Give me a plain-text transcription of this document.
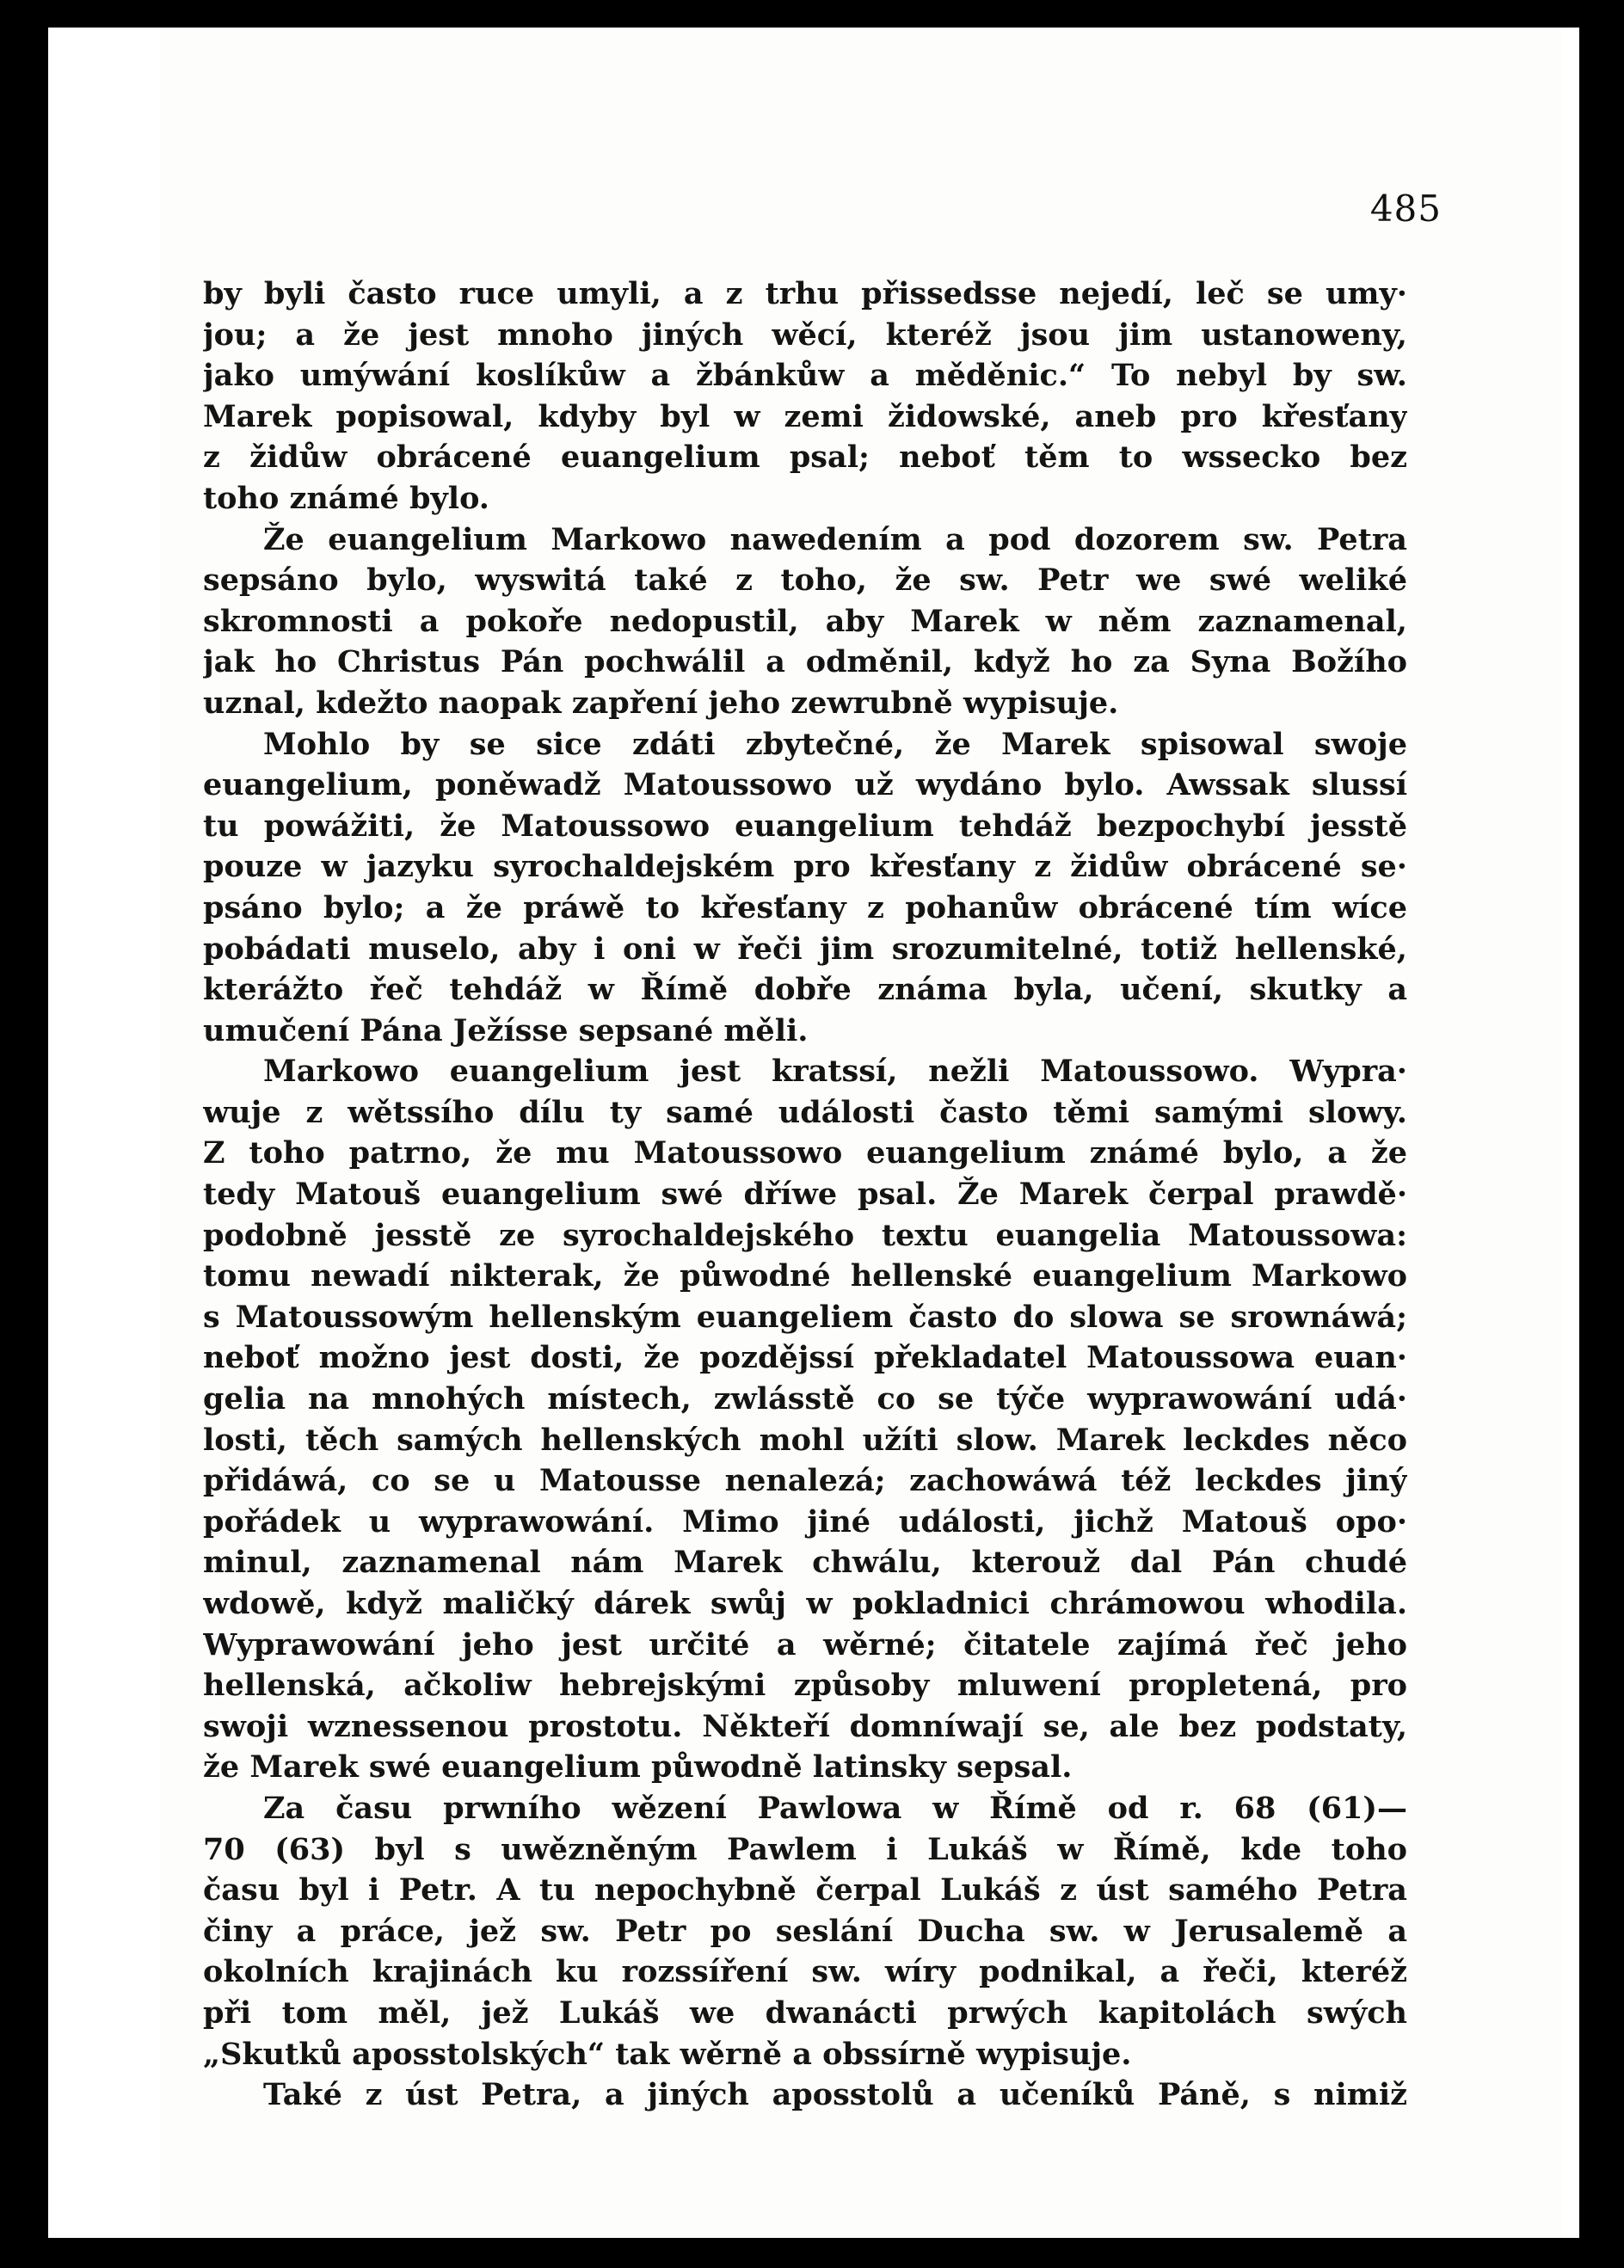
485
by byli často ruce umyli, a z trhu přissedsse nejedí, leč se umy·
jou; a že jest mnoho jiných wěcí, kteréž jsou jim ustanoweny,
jako umýwání koslíkůw a žbánkůw a měděnic.“ To nebyl by sw.
Marek popisowal, kdyby byl w zemi židowské, aneb pro křesťany
z židůw obrácené euangelium psal; neboť těm to wssecko bez
toho známé bylo.
Že euangelium Markowo nawedením a pod dozorem sw. Petra
sepsáno bylo, wyswitá také z toho, že sw. Petr we swé weliké
skromnosti a pokoře nedopustil, aby Marek w něm zaznamenal,
jak ho Christus Pán pochwálil a odměnil, když ho za Syna Božího
uznal, kdežto naopak zapření jeho zewrubně wypisuje.
Mohlo by se sice zdáti zbytečné, že Marek spisowal swoje
euangelium, poněwadž Matoussowo už wydáno bylo. Awssak slussí
tu powážiti, že Matoussowo euangelium tehdáž bezpochybí jesstě
pouze w jazyku syrochaldejském pro křesťany z židůw obrácené se·
psáno bylo; a že práwě to křesťany z pohanůw obrácené tím wíce
pobádati muselo, aby i oni w řeči jim srozumitelné, totiž hellenské,
kterážto řeč tehdáž w Římě dobře známa byla, učení, skutky a
umučení Pána Ježísse sepsané měli.
Markowo euangelium jest kratssí, nežli Matoussowo. Wypra·
wuje z wětssího dílu ty samé události často těmi samými slowy.
Z toho patrno, že mu Matoussowo euangelium známé bylo, a že
tedy Matouš euangelium swé dříwe psal. Že Marek čerpal prawdě·
podobně jesstě ze syrochaldejského textu euangelia Matoussowa:
tomu newadí nikterak, že půwodné hellenské euangelium Markowo
s Matoussowým hellenským euangeliem často do slowa se srownáwá;
neboť možno jest dosti, že pozdějssí překladatel Matoussowa euan·
gelia na mnohých místech, zwlásstě co se týče wyprawowání udá·
losti, těch samých hellenských mohl užíti slow. Marek leckdes něco
přidáwá, co se u Matousse nenalezá; zachowáwá též leckdes jiný
pořádek u wyprawowání. Mimo jiné události, jichž Matouš opo·
minul, zaznamenal nám Marek chwálu, kterouž dal Pán chudé
wdowě, když maličký dárek swůj w pokladnici chrámowou whodila.
Wyprawowání jeho jest určité a wěrné; čitatele zajímá řeč jeho
hellenská, ačkoliw hebrejskými způsoby mluwení propletená, pro
swoji wznessenou prostotu. Někteří domníwají se, ale bez podstaty,
že Marek swé euangelium půwodně latinsky sepsal.
Za času prwního wězení Pawlowa w Římě od r. 68 (61)—
70 (63) byl s uwězněným Pawlem i Lukáš w Římě, kde toho
času byl i Petr. A tu nepochybně čerpal Lukáš z úst samého Petra
činy a práce, jež sw. Petr po seslání Ducha sw. w Jerusalemě a
okolních krajinách ku rozssíření sw. wíry podnikal, a řeči, kteréž
při tom měl, jež Lukáš we dwanácti prwých kapitolách swých
„Skutků aposstolských“ tak wěrně a obssírně wypisuje.
Také z úst Petra, a jiných aposstolů a učeníků Páně, s nimiž
